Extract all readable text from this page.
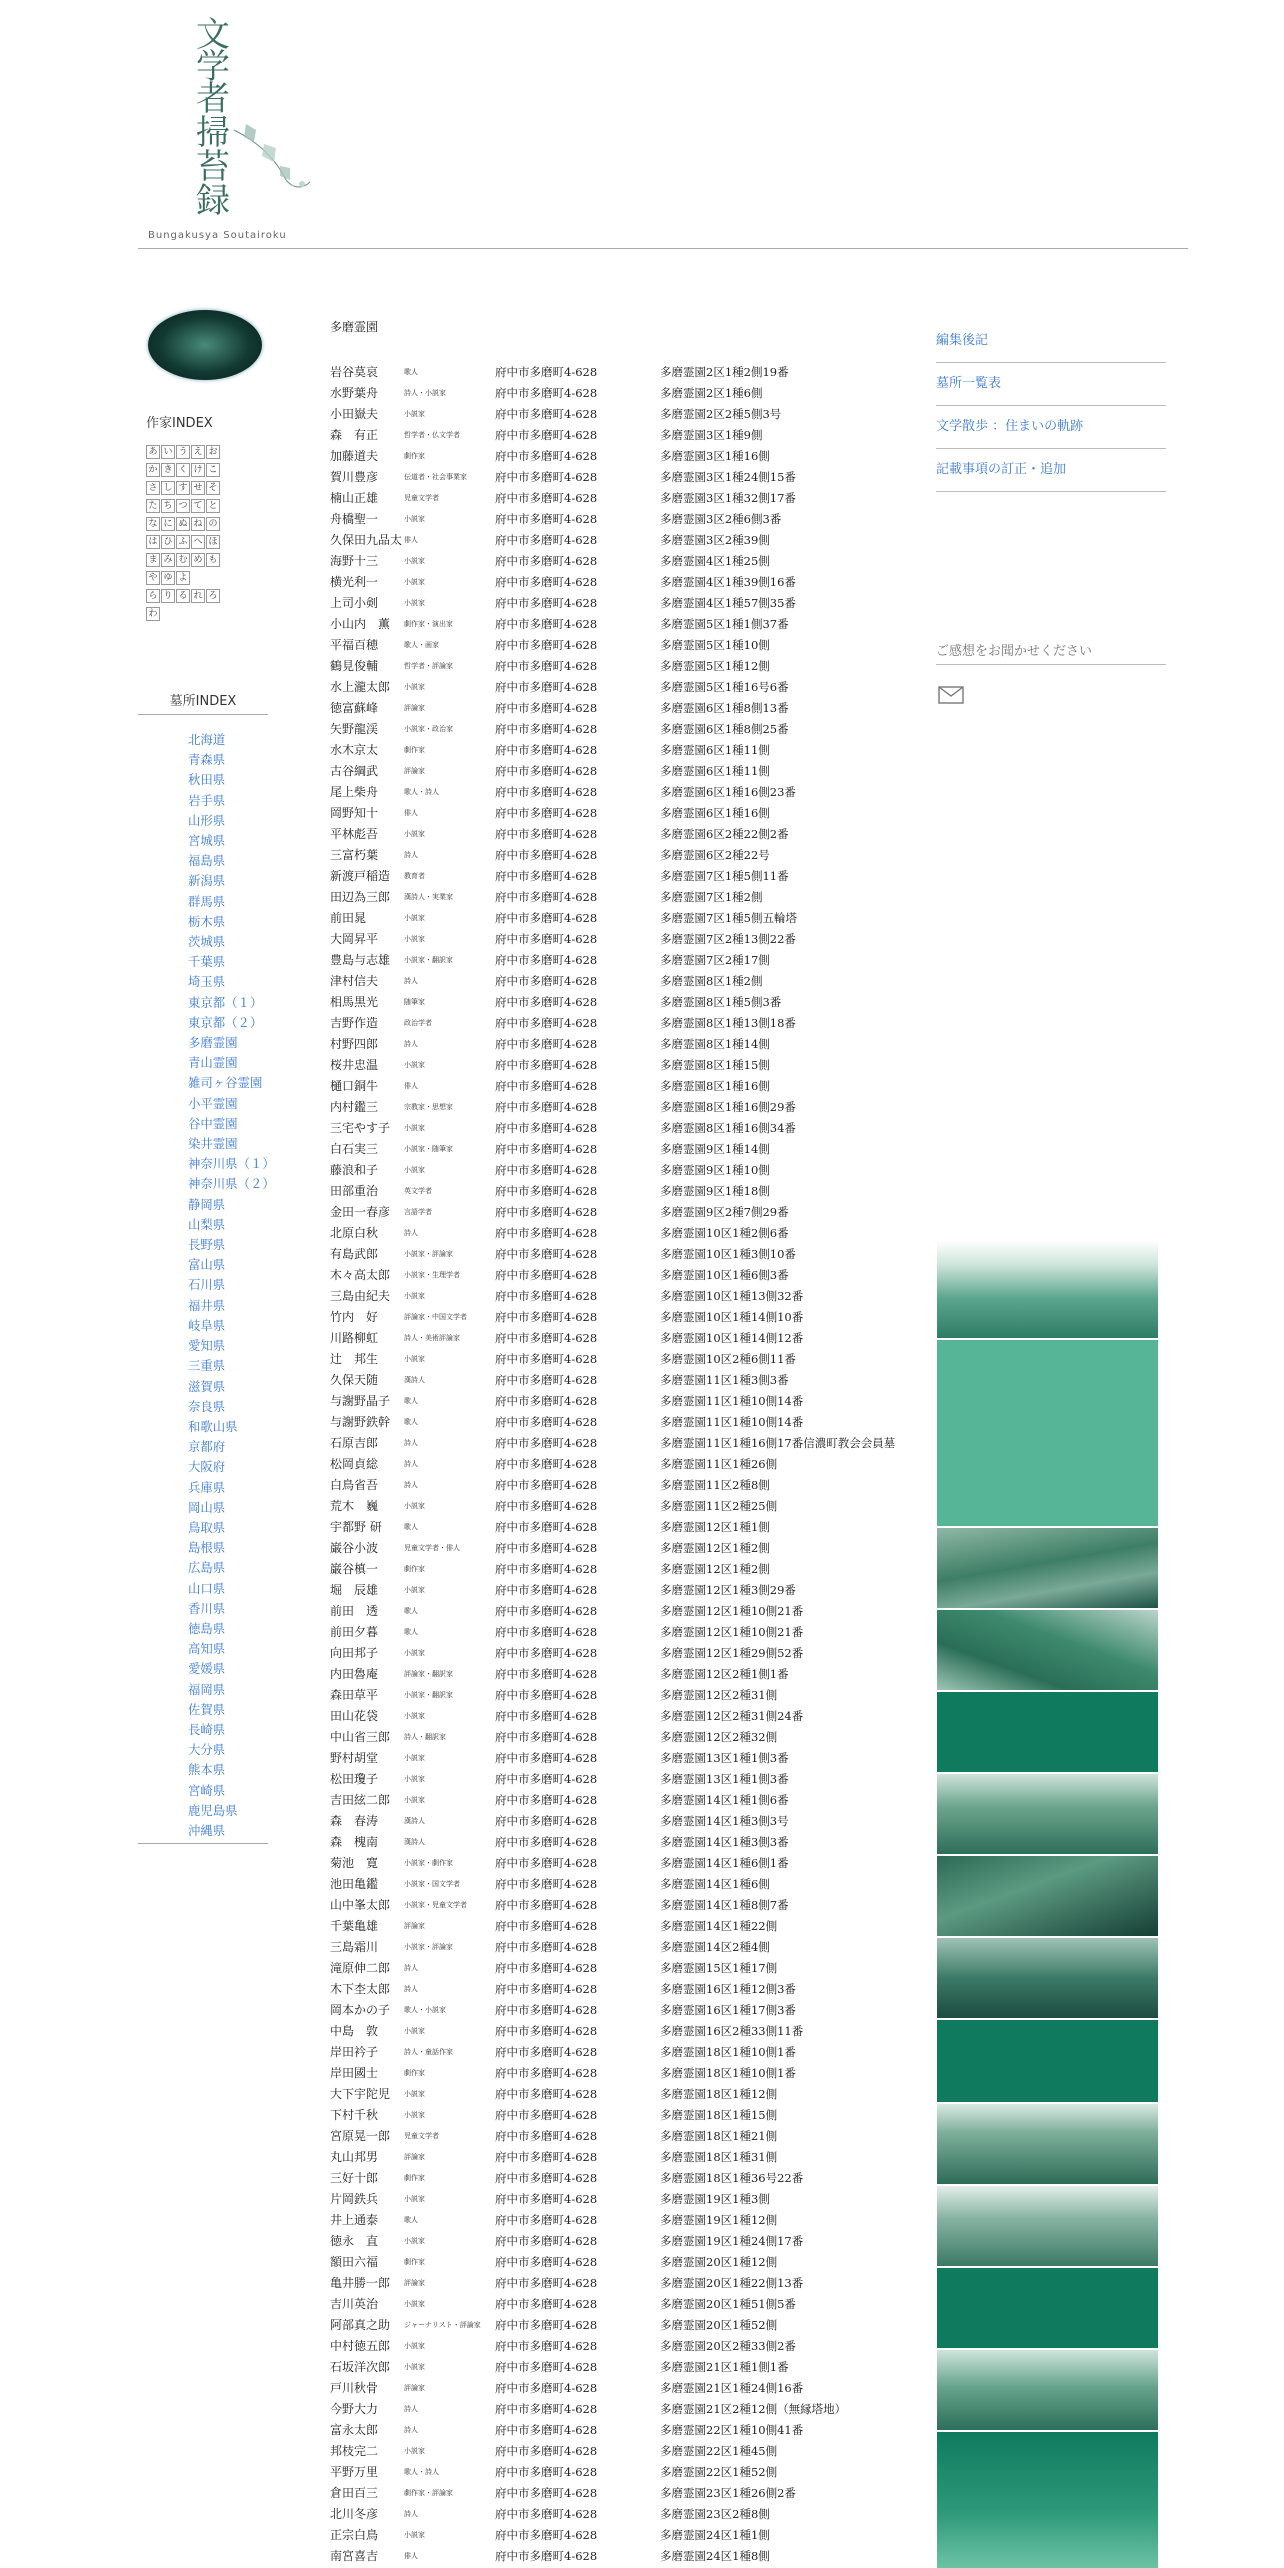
文
学
者
掃
苔
録
Bungakusya Soutairoku
作家INDEX
あ い う え お
か き く け こ
さ し す せ そ
た ち つ て と
な に ぬ ね の
は ひ ふ へ ほ
ま み む め も
や ゆ よ
ら り る れ ろ
わ
墓所INDEX
北海道
青森県
秋田県
岩手県
山形県
宮城県
福島県
新潟県
群馬県
栃木県
茨城県
千葉県
埼玉県
東京都（１）
東京都（２）
多磨霊園
青山霊園
雑司ヶ谷霊園
小平霊園
谷中霊園
染井霊園
神奈川県（１）
神奈川県（２）
静岡県
山梨県
長野県
富山県
石川県
福井県
岐阜県
愛知県
三重県
滋賀県
奈良県
和歌山県
京都府
大阪府
兵庫県
岡山県
鳥取県
島根県
広島県
山口県
香川県
徳島県
高知県
愛媛県
福岡県
佐賀県
長崎県
大分県
熊本県
宮崎県
鹿児島県
沖縄県
多磨霊園
岩谷莫哀	歌人	府中市多磨町4-628	多磨霊園2区1種2側19番
水野葉舟	詩人・小説家	府中市多磨町4-628	多磨霊園2区1種6側
小田嶽夫	小説家	府中市多磨町4-628	多磨霊園2区2種5側3号
森　有正	哲学者・仏文学者	府中市多磨町4-628	多磨霊園3区1種9側
加藤道夫	劇作家	府中市多磨町4-628	多磨霊園3区1種16側
賀川豊彦	伝道者・社会事業家 府中市多磨町4-628	多磨霊園3区1種24側15番
楠山正雄	児童文学者	府中市多磨町4-628	多磨霊園3区1種32側17番
舟橋聖一	小説家	府中市多磨町4-628	多磨霊園3区2種6側3番
久保田九品太 俳人	府中市多磨町4-628	多磨霊園3区2種39側
海野十三	小説家	府中市多磨町4-628	多磨霊園4区1種25側
横光利一	小説家	府中市多磨町4-628	多磨霊園4区1種39側16番
上司小剣	小説家	府中市多磨町4-628	多磨霊園4区1種57側35番
小山内　薫 劇作家・演出家	府中市多磨町4-628	多磨霊園5区1種1側37番
平福百穂	歌人・画家	府中市多磨町4-628	多磨霊園5区1種10側
鶴見俊輔	哲学者・評論家	府中市多磨町4-628	多磨霊園5区1種12側
水上瀧太郎 小説家	府中市多磨町4-628	多磨霊園5区1種16号6番
徳富蘇峰	評論家	府中市多磨町4-628	多磨霊園6区1種8側13番
矢野龍渓	小説家・政治家	府中市多磨町4-628	多磨霊園6区1種8側25番
水木京太	劇作家	府中市多磨町4-628	多磨霊園6区1種11側
古谷綱武	評論家	府中市多磨町4-628	多磨霊園6区1種11側
尾上柴舟	歌人・詩人	府中市多磨町4-628	多磨霊園6区1種16側23番
岡野知十	俳人	府中市多磨町4-628	多磨霊園6区1種16側
平林彪吾	小説家	府中市多磨町4-628	多磨霊園6区2種22側2番
三富朽葉	詩人	府中市多磨町4-628	多磨霊園6区2種22号
新渡戸稲造 教育者	府中市多磨町4-628	多磨霊園7区1種5側11番
田辺為三郎 漢詩人・実業家	府中市多磨町4-628	多磨霊園7区1種2側
前田晁	小説家	府中市多磨町4-628	多磨霊園7区1種5側五輪塔
大岡昇平	小説家	府中市多磨町4-628	多磨霊園7区2種13側22番
豊島与志雄 小説家・翻訳家	府中市多磨町4-628	多磨霊園7区2種17側
津村信夫	詩人	府中市多磨町4-628	多磨霊園8区1種2側
相馬黒光	随筆家	府中市多磨町4-628	多磨霊園8区1種5側3番
吉野作造	政治学者	府中市多磨町4-628	多磨霊園8区1種13側18番
村野四郎	詩人	府中市多磨町4-628	多磨霊園8区1種14側
桜井忠温	小説家	府中市多磨町4-628	多磨霊園8区1種15側
樋口銅牛	俳人	府中市多磨町4-628	多磨霊園8区1種16側
内村鑑三	宗教家・思想家	府中市多磨町4-628	多磨霊園8区1種16側29番
三宅やす子 小説家	府中市多磨町4-628	多磨霊園8区1種16側34番
白石実三	小説家・随筆家	府中市多磨町4-628	多磨霊園9区1種14側
藤浪和子	小説家	府中市多磨町4-628	多磨霊園9区1種10側
田部重治	英文学者	府中市多磨町4-628	多磨霊園9区1種18側
金田一春彦 言語学者	府中市多磨町4-628	多磨霊園9区2種7側29番
北原白秋	詩人	府中市多磨町4-628	多磨霊園10区1種2側6番
有島武郎	小説家・評論家	府中市多磨町4-628	多磨霊園10区1種3側10番
木々高太郎 小説家・生理学者	府中市多磨町4-628	多磨霊園10区1種6側3番
三島由紀夫 小説家	府中市多磨町4-628	多磨霊園10区1種13側32番
竹内　好	評論家・中国文学者 府中市多磨町4-628	多磨霊園10区1種14側10番
川路柳虹	詩人・美術評論家	府中市多磨町4-628	多磨霊園10区1種14側12番
辻　邦生	小説家	府中市多磨町4-628	多磨霊園10区2種6側11番
久保天随	漢詩人	府中市多磨町4-628	多磨霊園11区1種3側3番
与謝野晶子 歌人	府中市多磨町4-628	多磨霊園11区1種10側14番
与謝野鉄幹 歌人	府中市多磨町4-628	多磨霊園11区1種10側14番
石原吉郎	詩人	府中市多磨町4-628	多磨霊園11区1種16側17番信濃町教会会員墓
松岡貞総	詩人	府中市多磨町4-628	多磨霊園11区1種26側
白鳥省吾	詩人	府中市多磨町4-628	多磨霊園11区2種8側
荒木　巍	小説家	府中市多磨町4-628	多磨霊園11区2種25側
宇都野 研	歌人	府中市多磨町4-628	多磨霊園12区1種1側
巌谷小波	児童文学者・俳人	府中市多磨町4-628	多磨霊園12区1種2側
巌谷槙一	劇作家	府中市多磨町4-628	多磨霊園12区1種2側
堀　辰雄	小説家	府中市多磨町4-628	多磨霊園12区1種3側29番
前田　透	歌人	府中市多磨町4-628	多磨霊園12区1種10側21番
前田夕暮	歌人	府中市多磨町4-628	多磨霊園12区1種10側21番
向田邦子	小説家	府中市多磨町4-628	多磨霊園12区1種29側52番
内田魯庵	評論家・翻訳家	府中市多磨町4-628	多磨霊園12区2種1側1番
森田草平	小説家・翻訳家	府中市多磨町4-628	多磨霊園12区2種31側
田山花袋	小説家	府中市多磨町4-628	多磨霊園12区2種31側24番
中山省三郎 詩人・翻訳家	府中市多磨町4-628	多磨霊園12区2種32側
野村胡堂	小説家	府中市多磨町4-628	多磨霊園13区1種1側3番
松田瓊子	小説家	府中市多磨町4-628	多磨霊園13区1種1側3番
吉田絃二郎 小説家	府中市多磨町4-628	多磨霊園14区1種1側6番
森　春涛	漢詩人	府中市多磨町4-628	多磨霊園14区1種3側3号
森　槐南	漢詩人	府中市多磨町4-628	多磨霊園14区1種3側3番
菊池　寛	小説家・劇作家	府中市多磨町4-628	多磨霊園14区1種6側1番
池田亀鑑	小説家・国文学者	府中市多磨町4-628	多磨霊園14区1種6側
山中峯太郎 小説家・児童文学者 府中市多磨町4-628	多磨霊園14区1種8側7番
千葉亀雄	評論家	府中市多磨町4-628	多磨霊園14区1種22側
三島霜川	小説家・評論家	府中市多磨町4-628	多磨霊園14区2種4側
滝原伸二郎 詩人	府中市多磨町4-628	多磨霊園15区1種17側
木下杢太郎 詩人	府中市多磨町4-628	多磨霊園16区1種12側3番
岡本かの子 歌人・小説家	府中市多磨町4-628	多磨霊園16区1種17側3番
中島　敦	小説家	府中市多磨町4-628	多磨霊園16区2種33側11番
岸田衿子	詩人・童話作家	府中市多磨町4-628	多磨霊園18区1種10側1番
岸田國士	劇作家	府中市多磨町4-628	多磨霊園18区1種10側1番
大下宇陀児 小説家	府中市多磨町4-628	多磨霊園18区1種12側
下村千秋	小説家	府中市多磨町4-628	多磨霊園18区1種15側
宮原晃一郎 児童文学者	府中市多磨町4-628	多磨霊園18区1種21側
丸山邦男	評論家	府中市多磨町4-628	多磨霊園18区1種31側
三好十郎	劇作家	府中市多磨町4-628	多磨霊園18区1種36号22番
片岡鉄兵	小説家	府中市多磨町4-628	多磨霊園19区1種3側
井上通泰	歌人	府中市多磨町4-628	多磨霊園19区1種12側
徳永　直	小説家	府中市多磨町4-628	多磨霊園19区1種24側17番
額田六福	劇作家	府中市多磨町4-628	多磨霊園20区1種12側
亀井勝一郎 評論家	府中市多磨町4-628	多磨霊園20区1種22側13番
吉川英治	小説家	府中市多磨町4-628	多磨霊園20区1種51側5番
阿部真之助 ジャーナリスト・評論家 府中市多磨町4-628	多磨霊園20区1種52側
中村徳五郎 小説家	府中市多磨町4-628	多磨霊園20区2種33側2番
石坂洋次郎 小説家	府中市多磨町4-628	多磨霊園21区1種1側1番
戸川秋骨	評論家	府中市多磨町4-628	多磨霊園21区1種24側16番
今野大力	詩人	府中市多磨町4-628	多磨霊園21区2種12側（無縁塔地）
富永太郎	詩人	府中市多磨町4-628	多磨霊園22区1種10側41番
邦枝完二	小説家	府中市多磨町4-628	多磨霊園22区1種45側
平野万里	歌人・詩人	府中市多磨町4-628	多磨霊園22区1種52側
倉田百三	劇作家・評論家	府中市多磨町4-628	多磨霊園23区1種26側2番
北川冬彦	詩人	府中市多磨町4-628	多磨霊園23区2種8側
正宗白鳥	小説家	府中市多磨町4-628	多磨霊園24区1種1側
南宮喜吉	俳人	府中市多磨町4-628	多磨霊園24区1種8側
編集後記
墓所一覧表
文学散歩 ：住まいの軌跡
記載事項の訂正・追加
ご感想をお聞かせください
